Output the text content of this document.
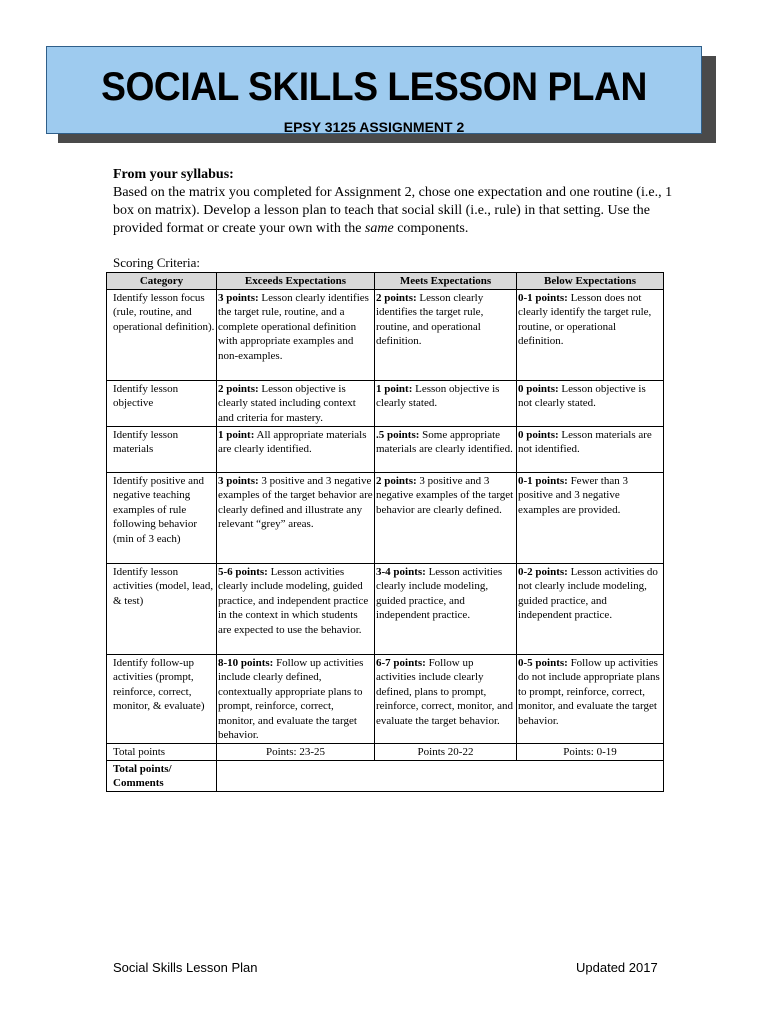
SOCIAL SKILLS LESSON PLAN
EPSY 3125 ASSIGNMENT 2
From your syllabus:
Based on the matrix you completed for Assignment 2, chose one expectation and one routine (i.e., 1 box on matrix). Develop a lesson plan to teach that social skill (i.e., rule) in that setting. Use the provided format or create your own with the same components.
Scoring Criteria:
Category	Exceeds Expectations	Meets Expectations	Below Expectations
Identify lesson focus (rule, routine, and operational definition).	3 points: Lesson clearly identifies the target rule, routine, and a complete operational definition with appropriate examples and non-examples.	2 points: Lesson clearly identifies the target rule, routine, and operational definition.	0-1 points: Lesson does not clearly identify the target rule, routine, or operational definition.
Identify lesson objective	2 points: Lesson objective is clearly stated including context and criteria for mastery.	1 point: Lesson objective is clearly stated.	0 points: Lesson objective is not clearly stated.
Identify lesson materials	1 point: All appropriate materials are clearly identified.	.5 points: Some appropriate materials are clearly identified.	0 points: Lesson materials are not identified.
Identify positive and negative teaching examples of rule following behavior (min of 3 each)	3 points: 3 positive and 3 negative examples of the target behavior are clearly defined and illustrate any relevant “grey” areas.	2 points: 3 positive and 3 negative examples of the target behavior are clearly defined.	0-1 points: Fewer than 3 positive and 3 negative examples are provided.
Identify lesson activities (model, lead, & test)	5-6 points: Lesson activities clearly include modeling, guided practice, and independent practice in the context in which students are expected to use the behavior.	3-4 points: Lesson activities clearly include modeling, guided practice, and independent practice.	0-2 points: Lesson activities do not clearly include modeling, guided practice, and independent practice.
Identify follow-up activities (prompt, reinforce, correct, monitor, & evaluate)	8-10 points: Follow up activities include clearly defined, contextually appropriate plans to prompt, reinforce, correct, monitor, and evaluate the target behavior.	6-7 points: Follow up activities include clearly defined, plans to prompt, reinforce, correct, monitor, and evaluate the target behavior.	0-5 points: Follow up activities do not include appropriate plans to prompt, reinforce, correct, monitor, and evaluate the target behavior.
Total points	Points: 23-25	Points 20-22	Points: 0-19
Total points/ Comments			
Social Skills Lesson Plan	Updated 2017
